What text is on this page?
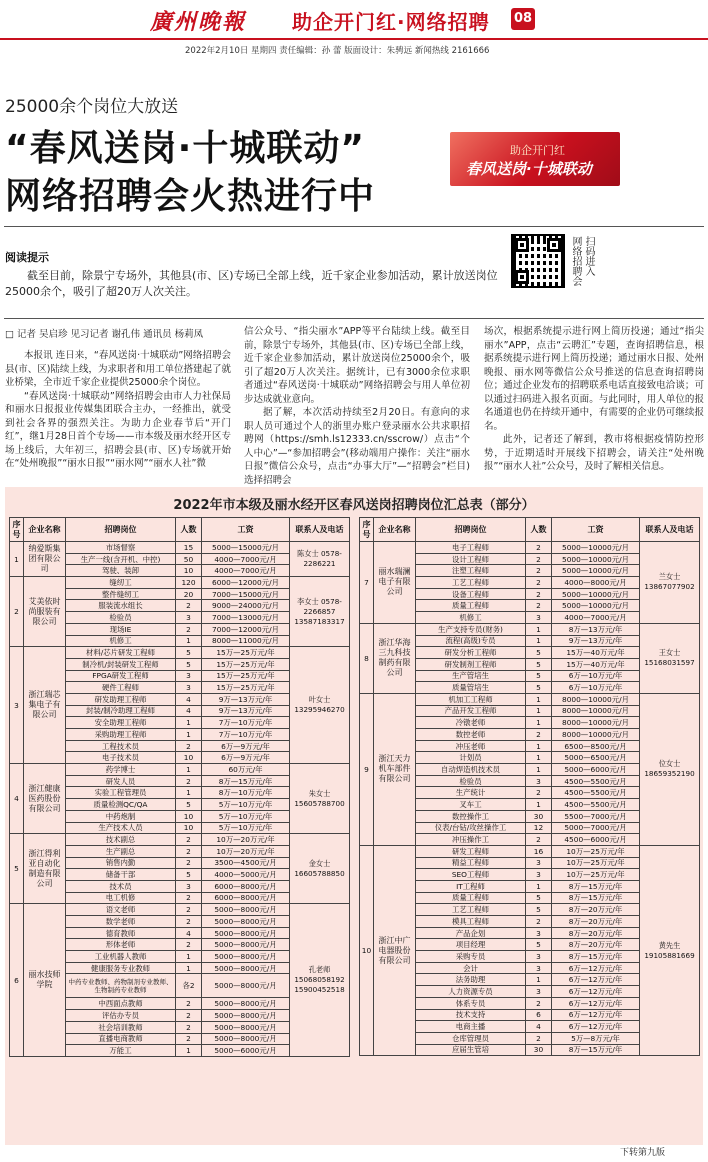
廣州晚報 助企开门红·网络招聘 08
2022年2月10日 星期四 责任编辑：孙 蕾 版面设计：朱骋远 新闻热线 2161666
25000余个岗位大放送
“春风送岗·十城联动”
网络招聘会火热进行中
助企开门红
春风送岗·十城联动
阅读提示
截至目前，除景宁专场外，其他县(市、区)专场已全部上线，近千家企业参加活动，累计放送岗位25000余个，吸引了超20万人次关注。
网络招聘会 扫码进入
□ 记者 吴启珍 见习记者 谢孔伟 通讯员 杨莉凤

本报讯 连日来，“春风送岗·十城联动”网络招聘会县(市、区)陆续上线，为求职者和用工单位搭建起了就业桥梁，全市近千家企业提供25000余个岗位。

“春风送岗·十城联动”网络招聘会由市人力社保局和丽水日报报业传媒集团联合主办，一经推出，就受到社会各界的强烈关注。为助力企业春节后“开门红”，继1月28日首个专场——市本级及丽水经开区专场上线后，大年初三，招聘会县(市、区)专场就开始在“处州晚报”“丽水日报”“丽水网”“丽水人社”微

信公众号、“指尖丽水”APP等平台陆续上线。截至目前，除景宁专场外，其他县(市、区)专场已全部上线，近千家企业参加活动，累计放送岗位25000余个，吸引了超20万人次关注。据统计，已有3000余位求职者通过“春风送岗·十城联动”网络招聘会与用人单位初步达成就业意向。

据了解，本次活动持续至2月20日。有意向的求职人员可通过个人的浙里办账户登录丽水公共求职招聘网（https://smh.ls12333.cn/sscrow/）点击“个人中心”—“参加招聘会”(移动端用户操作：关注“丽水日报”微信公众号，点击“办事大厅”—“招聘会”栏目)选择招聘会

场次，根据系统提示进行网上简历投递；通过“指尖丽水”APP，点击“云聘汇”专题，查询招聘信息，根据系统提示进行网上简历投递；通过丽水日报、处州晚报、丽水网等微信公众号推送的信息查询招聘岗位；通过企业发布的招聘联系电话直接致电洽谈；可以通过扫码进入报名页面。与此同时，用人单位的报名通道也仍在持续开通中，有需要的企业仍可继续报名。

此外，记者还了解到，教市将根据疫情防控形势，于近期适时开展线下招聘会，请关注“处州晚报”“丽水人社”公众号，及时了解相关信息。

2022年市本级及丽水经开区春风送岗招聘岗位汇总表（部分）
序号	企业名称	招聘岗位	人数	工资	联系人及电话
1	纳爱斯集团有限公司	市场督察	15	5000—15000元/月	陈女士 0578-2286221
		生产一线(含开机、中控)	50	4000—7000元/月	
		驾驶、装卸	10	4000—7000元/月	
2	艾美依时尚服装有限公司	缝纫工	120	6000—12000元/月	李女士 0578-2266857 13587183317
		整件缝纫工	20	7000—15000元/月	
		服装流水组长	2	9000—24000元/月	
		检验员	3	7000—13000元/月	
		现场IE	2	7000—12000元/月	
		机修工	1	8000—11000元/月	
3	浙江瑞芯集电子有限公司	材料/芯片研发工程师	5	15万—25万元/年	叶女士 13295946270
		制冷机/封装研发工程师	5	15万—25万元/年	
		FPGA研发工程师	3	15万—25万元/年	
		硬件工程师	3	15万—25万元/年	
		研发助理工程师	4	9万—13万元/年	
		封装/制冷助理工程师	4	9万—13万元/年	
		安全助理工程师	1	7万—10万元/年	
		采购助理工程师	1	7万—10万元/年	
		工程技术员	2	6万—9万元/年	
		电子技术员	10	6万—9万元/年	
4	浙江健康医药股份有限公司	药学博士	1	60万元/年	朱女士 15605788700
		研发人员	2	8万—15万元/年	
		实验工程管理员	1	8万—10万元/年	
		质量检测QC/QA	5	5万—10万元/年	
		中药炮制	10	5万—10万元/年	
		生产技术人员	10	5万—10万元/年	
5	浙江得利亚自动化制造有限公司	技术副总	2	10万—20万元/年	金女士 16605788850
		生产副总	2	10万—20万元/年	
		销售内勤	2	3500—4500元/月	
		储备干部	5	4000—5000元/月	
		技术员	3	6000—8000元/月	
		电工机修	2	6000—8000元/月	
6	丽水技师学院	语文老师	2	5000—8000元/月	孔老师 15068058192 15900452518
		数学老师	2	5000—8000元/月	
		德育教师	4	5000—8000元/月	
		形体老师	2	5000—8000元/月	
		工业机器人教师	1	5000—8000元/月	
		健康服务专业教师	1	5000—8000元/月	
		中药专业教师、药物制剂专业教师、生物制药专业教师	各2	5000—8000元/月	
		中西面点教师	2	5000—8000元/月	
		评估办专员	2	5000—8000元/月	
		社会培训教师	2	5000—8000元/月	
		直播电商教师	2	5000—8000元/月	
		万能工	1	5000—6000元/月	
序号	企业名称	招聘岗位	人数	工资	联系人及电话
7	丽水瑞澜电子有限公司	电子工程师	2	5000—10000元/月	兰女士 13867077902
		设计工程师	2	5000—10000元/月	
		注塑工程师	2	5000—10000元/月	
		工艺工程师	2	4000—8000元/月	
		设备工程师	2	5000—10000元/月	
		质量工程师	2	5000—10000元/月	
		机修工	3	4000—7000元/月	
8	浙江华海三九科技制药有限公司	生产支持专员(财务)	1	8万—13万元/年	王女士 15168031597
		流程(高级)专员	1	9万—13万元/年	
		研发分析工程师	5	15万—40万元/年	
		研发制剂工程师	5	15万—40万元/年	
		生产管培生	5	6万—10万元/年	
		质量管培生	5	6万—10万元/年	
9	浙江天力机车部件有限公司	机加工工程师	1	8000—10000元/月	位女士 18659352190
		产品开发工程师	1	8000—10000元/月	
		冷镦老师	1	8000—10000元/月	
		数控老师	2	8000—10000元/月	
		冲压老师	1	6500—8500元/月	
		计划员	1	5000—6500元/月	
		自动焊造机技术员	1	5000—6000元/月	
		检验员	3	4500—5500元/月	
		生产统计	2	4500—5500元/月	
		叉车工	1	4500—5500元/月	
		数控操作工	30	5500—7000元/月	
		仪表/台钻/攻丝操作工	12	5000—7000元/月	
		冲压操作工	2	4500—6000元/月	
10	浙江中广电器股份有限公司	研发工程师	16	10万—25万元/年	黄先生 19105881669
		精益工程师	3	10万—25万元/年	
		SEO工程师	3	10万—25万元/年	
		IT工程师	1	8万—15万元/年	
		质量工程师	5	8万—15万元/年	
		工艺工程师	5	8万—20万元/年	
		模具工程师	2	8万—20万元/年	
		产品企划	3	8万—20万元/年	
		项目经理	5	8万—20万元/年	
		采购专员	3	8万—15万元/年	
		会计	3	6万—12万元/年	
		法务助理	1	6万—12万元/年	
		人力资源专员	3	6万—12万元/年	
		体系专员	2	6万—12万元/年	
		技术支持	6	6万—12万元/年	
		电商主播	4	6万—12万元/年	
		仓库管理员	2	5万—8万元/年	
		应届生管培	30	8万—15万元/年	
下转第九版
